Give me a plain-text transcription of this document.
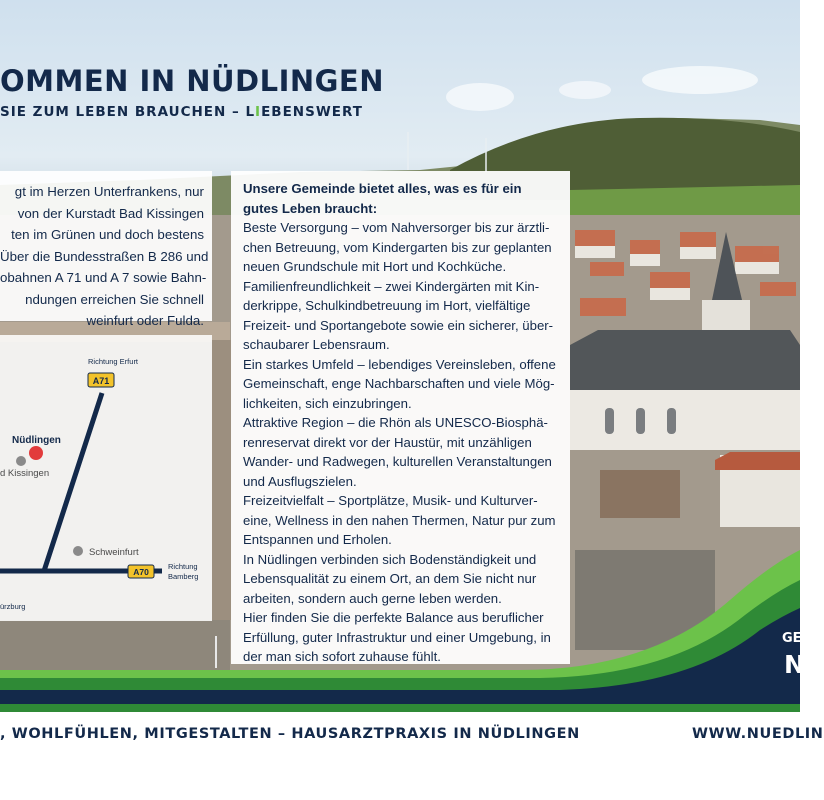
OMMEN IN NÜDLINGEN
SIE ZUM LEBEN BRAUCHEN – LIEBENSWERT

gt im Herzen Unterfrankens, nur
von der Kurstadt Bad Kissingen
ten im Grünen und doch bestens
Über die Bundesstraßen B 286 und
obahnen A 71 und A 7 sowie Bahn-
ndungen erreichen Sie schnell
weinfurt oder Fulda.

A71
Richtung Erfurt
A70
Richtung
Bamberg
Nüdlingen
d Kissingen
Schweinfurt
ürzburg

Unsere Gemeinde bietet alles, was es für ein gutes Leben braucht:

Beste Versorgung – vom Nahversorger bis zur ärztli-

chen Betreuung, vom Kindergarten bis zur geplanten

neuen Grundschule mit Hort und Kochküche.

Familienfreundlichkeit – zwei Kindergärten mit Kin-

derkrippe, Schulkindbetreuung im Hort, vielfältige

Freizeit- und Sportangebote sowie ein sicherer, über-

schaubarer Lebensraum.

Ein starkes Umfeld – lebendiges Vereinsleben, offene

Gemeinschaft, enge Nachbarschaften und viele Mög-

lichkeiten, sich einzubringen.

Attraktive Region – die Rhön als UNESCO-Biosphä-

renreservat direkt vor der Haustür, mit unzähligen

Wander- und Radwegen, kulturellen Veranstaltungen

und Ausflugszielen.

Freizeitvielfalt – Sportplätze, Musik- und Kulturver-

eine, Wellness in den nahen Thermen, Natur pur zum

Entspannen und Erholen.

In Nüdlingen verbinden sich Bodenständigkeit und

Lebensqualität zu einem Ort, an dem Sie nicht nur

arbeiten, sondern auch gerne leben werden.

Hier finden Sie die perfekte Balance aus beruflicher

Erfüllung, guter Infrastruktur und einer Umgebung, in

der man sich sofort zuhause fühlt.

GE
N
, WOHLFÜHLEN, MITGESTALTEN – HAUSARZTPRAXIS IN NÜDLINGEN	WWW.NUEDLIN
